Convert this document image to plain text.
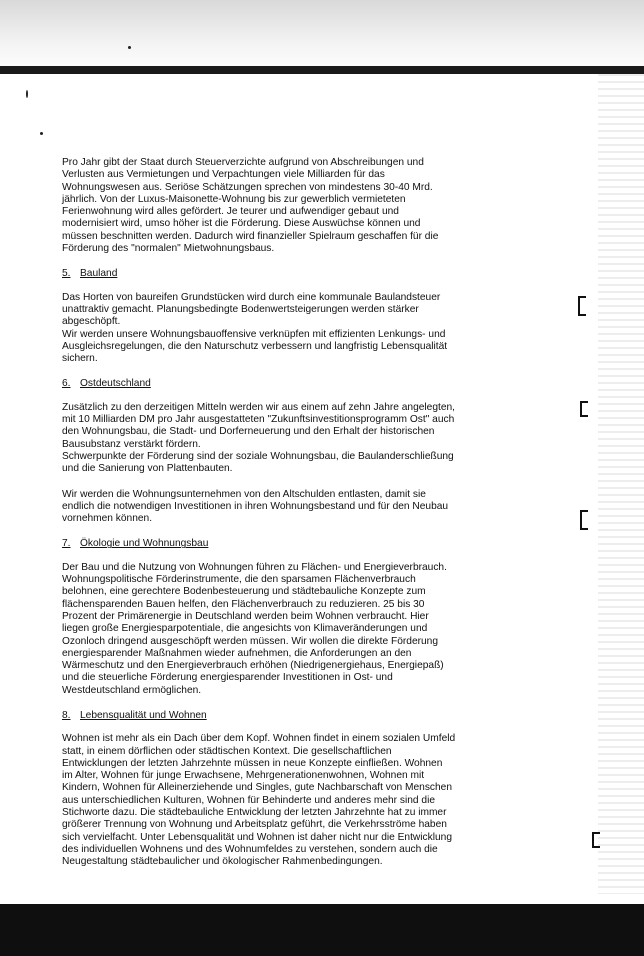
Pro Jahr gibt der Staat durch Steuerverzichte aufgrund von Abschreibungen und
Verlusten aus Vermietungen und Verpachtungen viele Milliarden für das
Wohnungswesen aus. Seriöse Schätzungen sprechen von mindestens 30-40 Mrd.
jährlich. Von der Luxus-Maisonette-Wohnung bis zur gewerblich vermieteten
Ferienwohnung wird alles gefördert. Je teurer und aufwendiger gebaut und
modernisiert wird, umso höher ist die Förderung. Diese Auswüchse können und
müssen beschnitten werden. Dadurch wird finanzieller Spielraum geschaffen für die
Förderung des "normalen" Mietwohnungsbaus.

5. Bauland

Das Horten von baureifen Grundstücken wird durch eine kommunale Baulandsteuer
unattraktiv gemacht. Planungsbedingte Bodenwertsteigerungen werden stärker
abgeschöpft.
Wir werden unsere Wohnungsbauoffensive verknüpfen mit effizienten Lenkungs- und
Ausgleichsregelungen, die den Naturschutz verbessern und langfristig Lebensqualität
sichern.

6. Ostdeutschland

Zusätzlich zu den derzeitigen Mitteln werden wir aus einem auf zehn Jahre angelegten,
mit 10 Milliarden DM pro Jahr ausgestatteten "Zukunftsinvestitionsprogramm Ost" auch
den Wohnungsbau, die Stadt- und Dorferneuerung und den Erhalt der historischen
Bausubstanz verstärkt fördern.
Schwerpunkte der Förderung sind der soziale Wohnungsbau, die Baulanderschließung
und die Sanierung von Plattenbauten.

Wir werden die Wohnungsunternehmen von den Altschulden entlasten, damit sie
endlich die notwendigen Investitionen in ihren Wohnungsbestand und für den Neubau
vornehmen können.

7. Ökologie und Wohnungsbau

Der Bau und die Nutzung von Wohnungen führen zu Flächen- und Energieverbrauch.
Wohnungspolitische Förderinstrumente, die den sparsamen Flächenverbrauch
belohnen, eine gerechtere Bodenbesteuerung und städtebauliche Konzepte zum
flächensparenden Bauen helfen, den Flächenverbrauch zu reduzieren. 25 bis 30
Prozent der Primärenergie in Deutschland werden beim Wohnen verbraucht. Hier
liegen große Energiesparpotentiale, die angesichts von Klimaveränderungen und
Ozonloch dringend ausgeschöpft werden müssen. Wir wollen die direkte Förderung
energiesparender Maßnahmen wieder aufnehmen, die Anforderungen an den
Wärmeschutz und den Energieverbrauch erhöhen (Niedrigenergiehaus, Energiepaß)
und die steuerliche Förderung energiesparender Investitionen in Ost- und
Westdeutschland ermöglichen.

8. Lebensqualität und Wohnen

Wohnen ist mehr als ein Dach über dem Kopf. Wohnen findet in einem sozialen Umfeld
statt, in einem dörflichen oder städtischen Kontext. Die gesellschaftlichen
Entwicklungen der letzten Jahrzehnte müssen in neue Konzepte einfließen. Wohnen
im Alter, Wohnen für junge Erwachsene, Mehrgenerationenwohnen, Wohnen mit
Kindern, Wohnen für Alleinerziehende und Singles, gute Nachbarschaft von Menschen
aus unterschiedlichen Kulturen, Wohnen für Behinderte und anderes mehr sind die
Stichworte dazu. Die städtebauliche Entwicklung der letzten Jahrzehnte hat zu immer
größerer Trennung von Wohnung und Arbeitsplatz geführt, die Verkehrsströme haben
sich vervielfacht. Unter Lebensqualität und Wohnen ist daher nicht nur die Entwicklung
des individuellen Wohnens und des Wohnumfeldes zu verstehen, sondern auch die
Neugestaltung städtebaulicher und ökologischer Rahmenbedingungen.
